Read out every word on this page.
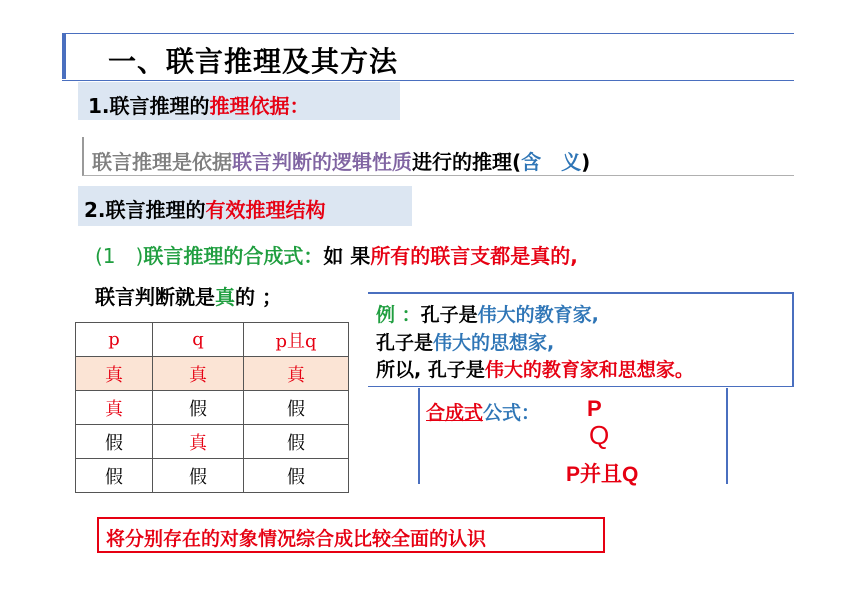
一、联言推理及其方法
1.联言推理的推理依据：
联言推理是依据联言判断的逻辑性质进行的推理(含　义)
2.联言推理的有效推理结构
(1　)联言推理的合成式：如 果所有的联言支都是真的,
联言判断就是真的 ；
p	q	p且q
真	真	真
真	假	假
假	真	假
假	假	假
例 ：孔子是伟大的教育家,
孔子是伟大的思想家,
所以, 孔子是伟大的教育家和思想家。
合成式公式： P
Q
P并且Q
将分别存在的对象情况综合成比较全面的认识
